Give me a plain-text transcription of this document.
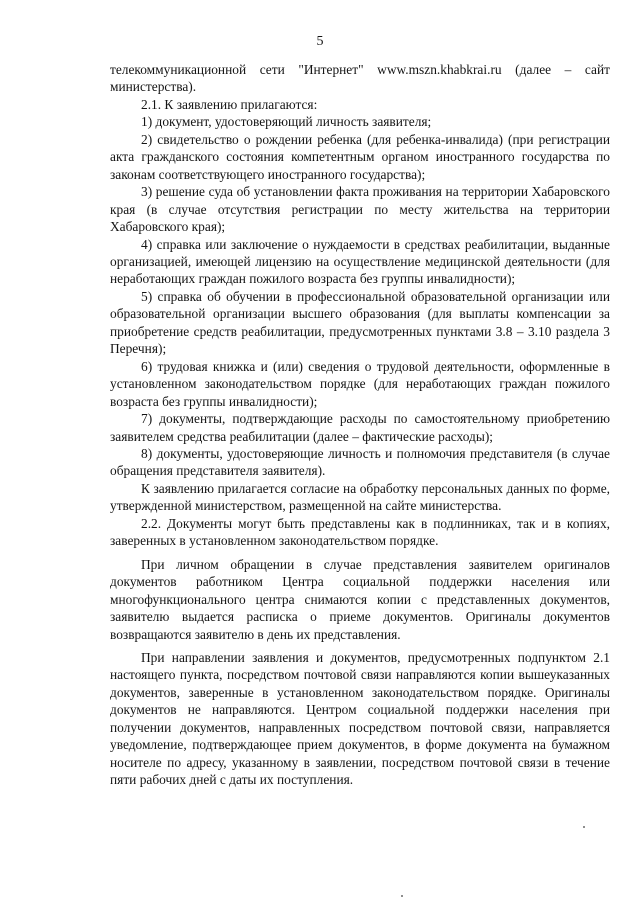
5

телекоммуникационной сети "Интернет" www.mszn.khabkrai.ru (далее – сайт министерства).

2.1. К заявлению прилагаются:

1) документ, удостоверяющий личность заявителя;

2) свидетельство о рождении ребенка (для ребенка-инвалида) (при регистрации акта гражданского состояния компетентным органом иностранного государства по законам соответствующего иностранного государства);

3) решение суда об установлении факта проживания на территории Хабаровского края (в случае отсутствия регистрации по месту жительства на территории Хабаровского края);

4) справка или заключение о нуждаемости в средствах реабилитации, выданные организацией, имеющей лицензию на осуществление медицинской деятельности (для неработающих граждан пожилого возраста без группы инвалидности);

5) справка об обучении в профессиональной образовательной организации или образовательной организации высшего образования (для выплаты компенсации за приобретение средств реабилитации, предусмотренных пунктами 3.8 – 3.10 раздела 3 Перечня);

6) трудовая книжка и (или) сведения о трудовой деятельности, оформленные в установленном законодательством порядке (для неработающих граждан пожилого возраста без группы инвалидности);

7) документы, подтверждающие расходы по самостоятельному приобретению заявителем средства реабилитации (далее – фактические расходы);

8) документы, удостоверяющие личность и полномочия представителя (в случае обращения представителя заявителя).

К заявлению прилагается согласие на обработку персональных данных по форме, утвержденной министерством, размещенной на сайте министерства.

2.2. Документы могут быть представлены как в подлинниках, так и в копиях, заверенных в установленном законодательством порядке.

При личном обращении в случае представления заявителем оригиналов документов работником Центра социальной поддержки населения или многофункционального центра снимаются копии с представленных документов, заявителю выдается расписка о приеме документов. Оригиналы документов возвращаются заявителю в день их представления.

При направлении заявления и документов, предусмотренных подпунктом 2.1 настоящего пункта, посредством почтовой связи направляются копии вышеуказанных документов, заверенные в установленном законодательством порядке. Оригиналы документов не направляются. Центром социальной поддержки населения при получении документов, направленных посредством почтовой связи, направляется уведомление, подтверждающее прием документов, в форме документа на бумажном носителе по адресу, указанному в заявлении, посредством почтовой связи в течение пяти рабочих дней с даты их поступления.
